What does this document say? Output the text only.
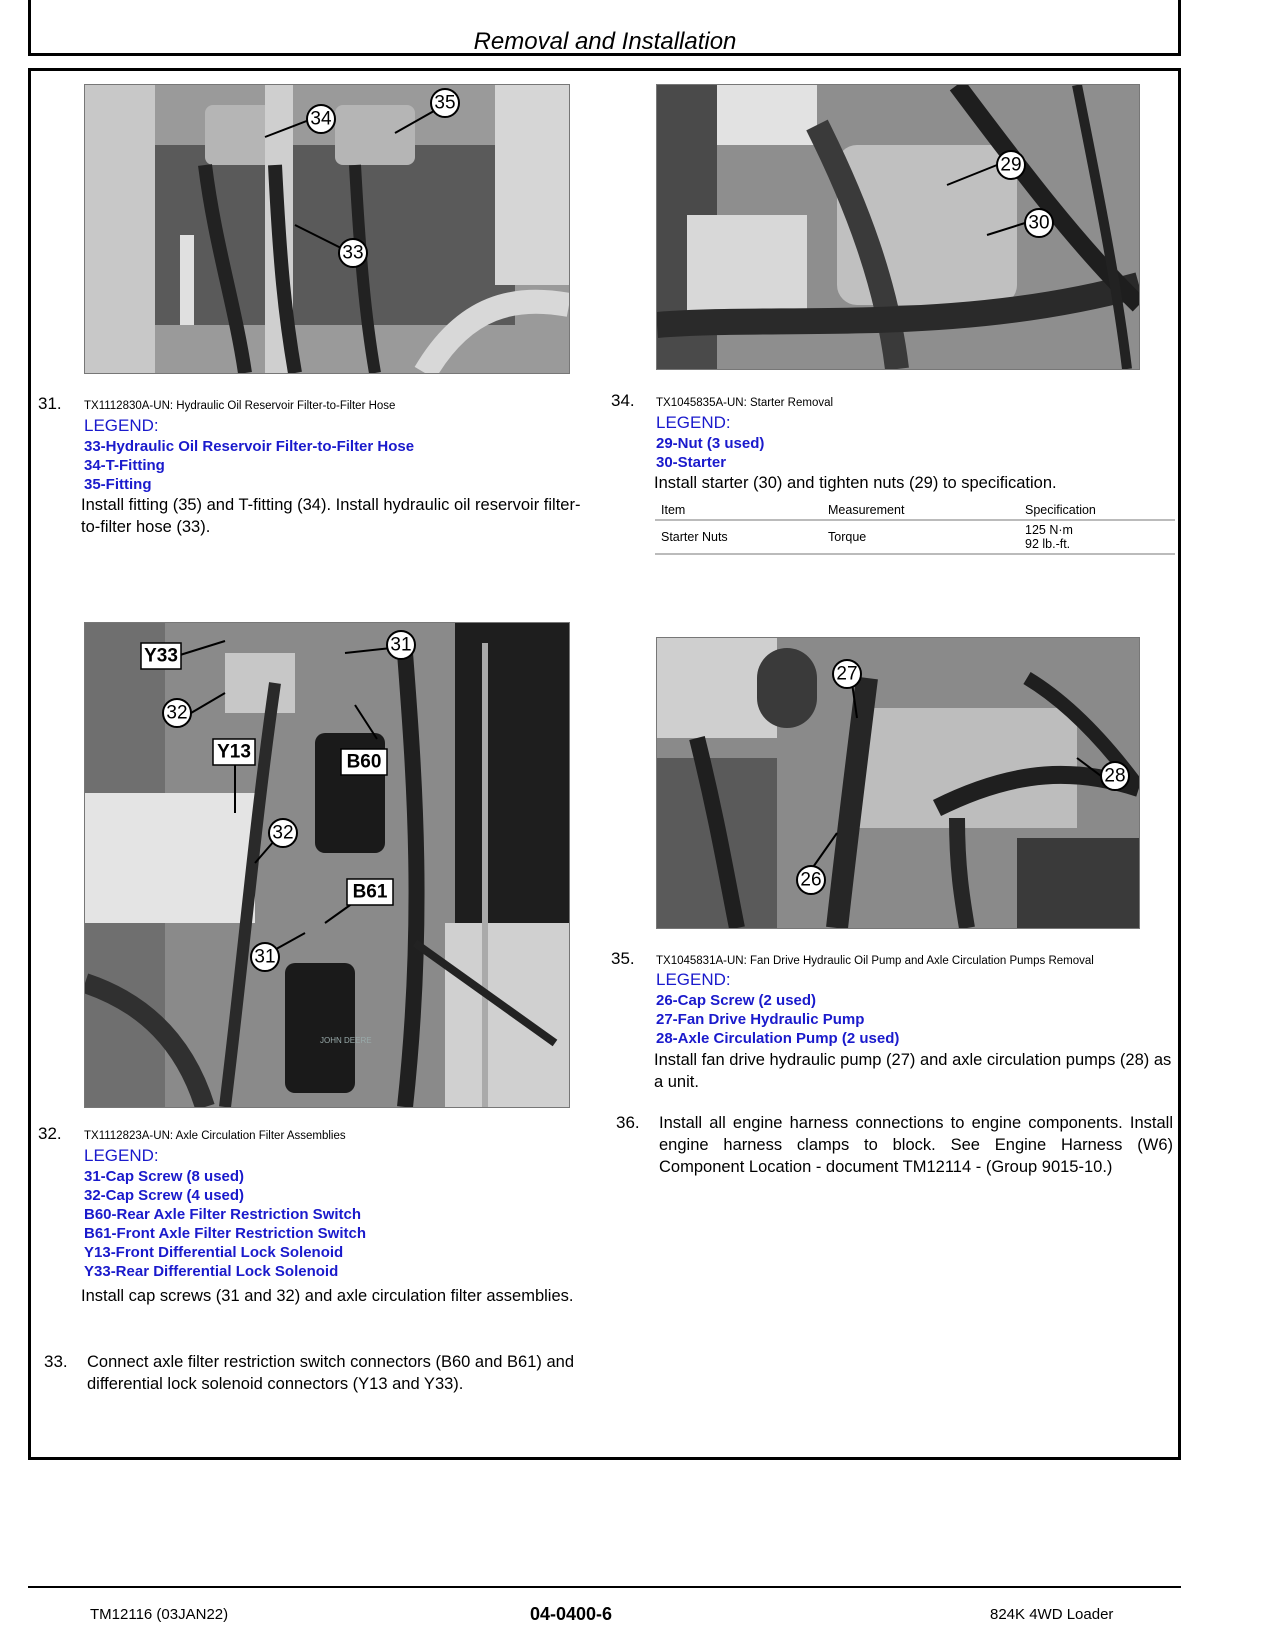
Removal and Installation
34
35
33
31. TX1112830A-UN: Hydraulic Oil Reservoir Filter-to-Filter Hose
LEGEND:
33-Hydraulic Oil Reservoir Filter-to-Filter Hose
34-T-Fitting
35-Fitting
Install fitting (35) and T-fitting (34). Install hydraulic oil reservoir filter-to-filter hose (33).
Y33
31
32
Y13	B60
32
B61
31
JOHN DEERE
32. TX1112823A-UN: Axle Circulation Filter Assemblies
LEGEND:
31-Cap Screw (8 used)
32-Cap Screw (4 used)
B60-Rear Axle Filter Restriction Switch
B61-Front Axle Filter Restriction Switch
Y13-Front Differential Lock Solenoid
Y33-Rear Differential Lock Solenoid
Install cap screws (31 and 32) and axle circulation filter assemblies.
33. Connect axle filter restriction switch connectors (B60 and B61) and differential lock solenoid connectors (Y13 and Y33).
29
30
34. TX1045835A-UN: Starter Removal
LEGEND:
29-Nut (3 used)
30-Starter
Install starter (30) and tighten nuts (29) to specification.
Item	Measurement	Specification
Starter Nuts	Torque	125 N·m
92 lb.-ft.
27
28
26
35. TX1045831A-UN: Fan Drive Hydraulic Oil Pump and Axle Circulation Pumps Removal
LEGEND:
26-Cap Screw (2 used)
27-Fan Drive Hydraulic Pump
28-Axle Circulation Pump (2 used)
Install fan drive hydraulic pump (27) and axle circulation pumps (28) as a unit.
36. Install all engine harness connections to engine components. Install engine harness clamps to block. See Engine Harness (W6) Component Location - document TM12114 - (Group 9015-10.)
TM12116 (03JAN22)	04-0400-6	824K 4WD Loader
